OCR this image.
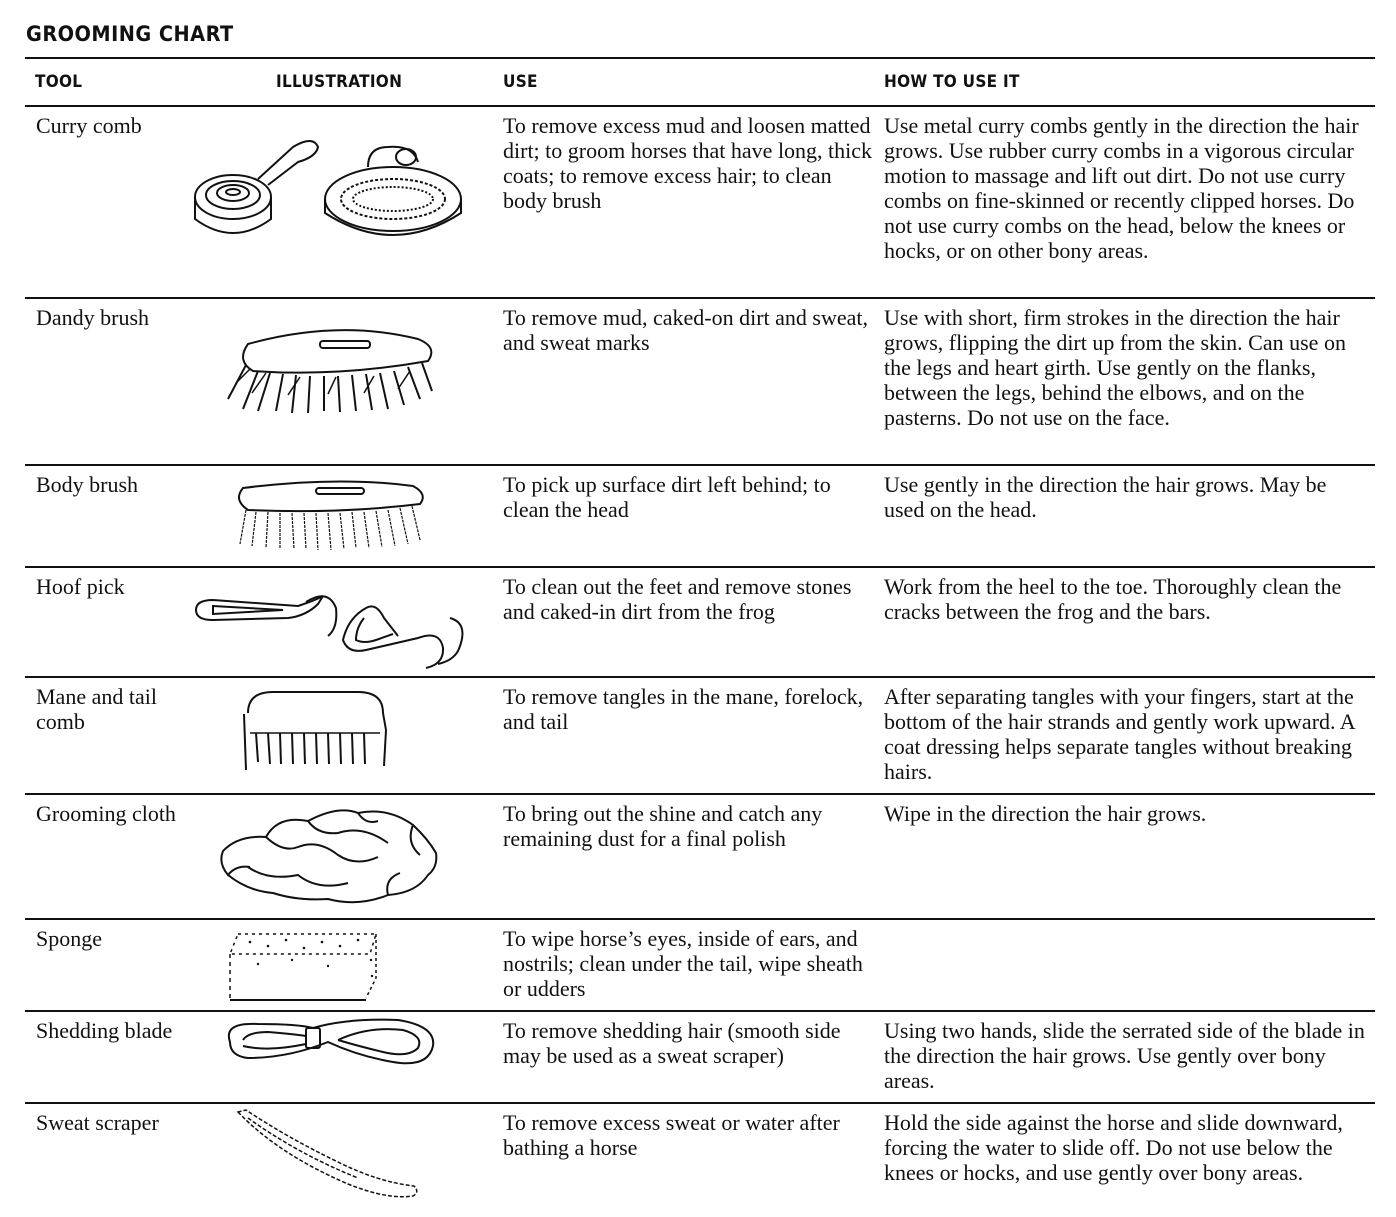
GROOMING CHART
TOOL	ILLUSTRATION	USE	HOW TO USE IT
Curry comb		To remove excess mud and loosen matted dirt; to groom horses that have long, thick coats; to remove excess hair; to clean body brush	Use metal curry combs gently in the direction the hair grows. Use rubber curry combs in a vigorous circular motion to massage and lift out dirt. Do not use curry combs on fine-skinned or recently clipped horses. Do not use curry combs on the head, below the knees or hocks, or on other bony areas.
Dandy brush		To remove mud, caked-on dirt and sweat, and sweat marks	Use with short, firm strokes in the direction the hair grows, flipping the dirt up from the skin. Can use on the legs and heart girth. Use gently on the flanks, between the legs, behind the elbows, and on the pasterns. Do not use on the face.
Body brush		To pick up surface dirt left behind; to clean the head	Use gently in the direction the hair grows. May be used on the head.
Hoof pick		To clean out the feet and remove stones and caked-in dirt from the frog	Work from the heel to the toe. Thoroughly clean the cracks between the frog and the bars.
Mane and tail comb		To remove tangles in the mane, forelock, and tail	After separating tangles with your fingers, start at the bottom of the hair strands and gently work upward. A coat dressing helps separate tangles without breaking hairs.
Grooming cloth		To bring out the shine and catch any remaining dust for a final polish	Wipe in the direction the hair grows.
Sponge		To wipe horse’s eyes, inside of ears, and nostrils; clean under the tail, wipe sheath or udders	
Shedding blade		To remove shedding hair (smooth side may be used as a sweat scraper)	Using two hands, slide the serrated side of the blade in the direction the hair grows. Use gently over bony areas.
Sweat scraper		To remove excess sweat or water after bathing a horse	Hold the side against the horse and slide downward, forcing the water to slide off. Do not use below the knees or hocks, and use gently over bony areas.
